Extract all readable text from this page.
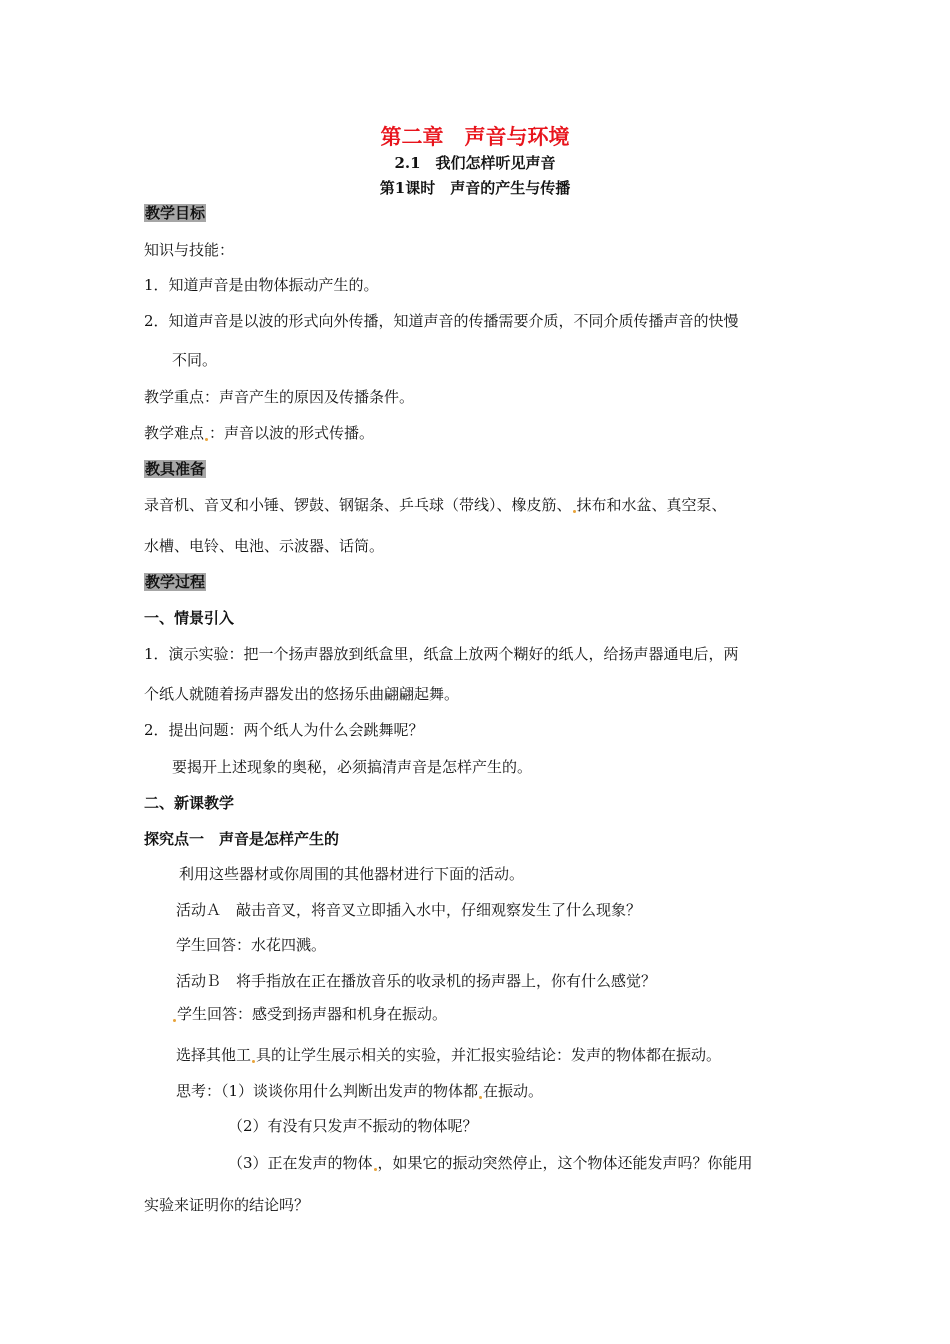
第二章　声音与环境
2.1　我们怎样听见声音
第1课时　声音的产生与传播
教学目标
知识与技能：
1．知道声音是由物体振动产生的。
2．知道声音是以波的形式向外传播，知道声音的传播需要介质，不同介质传播声音的快慢
不同。
教学重点：声音产生的原因及传播条件。
教学难点 ：声音以波的形式传播。
教具准备
录音机、音叉和小锤、锣鼓、钢锯条、乒乓球（带线）、橡皮筋、 抹布和水盆、真空泵、
水槽、电铃、电池、示波器、话筒。
教学过程
一、情景引入
1．演示实验：把一个扬声器放到纸盒里，纸盒上放两个糊好的纸人，给扬声器通电后，两
个纸人就随着扬声器发出的悠扬乐曲翩翩起舞。
2．提出问题：两个纸人为什么会跳舞呢？
要揭开上述现象的奥秘，必须搞清声音是怎样产生的。
二、新课教学
探究点一　声音是怎样产生的
利用这些器材或你周围的其他器材进行下面的活动。
活动Ａ　敲击音叉，将音叉立即插入水中，仔细观察发生了什么现象？
学生回答：水花四溅。
活动Ｂ　将手指放在正在播放音乐的收录机的扬声器上，你有什么感觉？
学生回答：感受到扬声器和机身在振动。
选择其他工 具的让学生展示相关的实验，并汇报实验结论：发声的物体都在振动。
思考：（1）谈谈你用什么判断出发声的物体都 在振动。
（2）有没有只发声不振动的物体呢？
（3）正在发声的物体 ，如果它的振动突然停止，这个物体还能发声吗？你能用
实验来证明你的结论吗？
